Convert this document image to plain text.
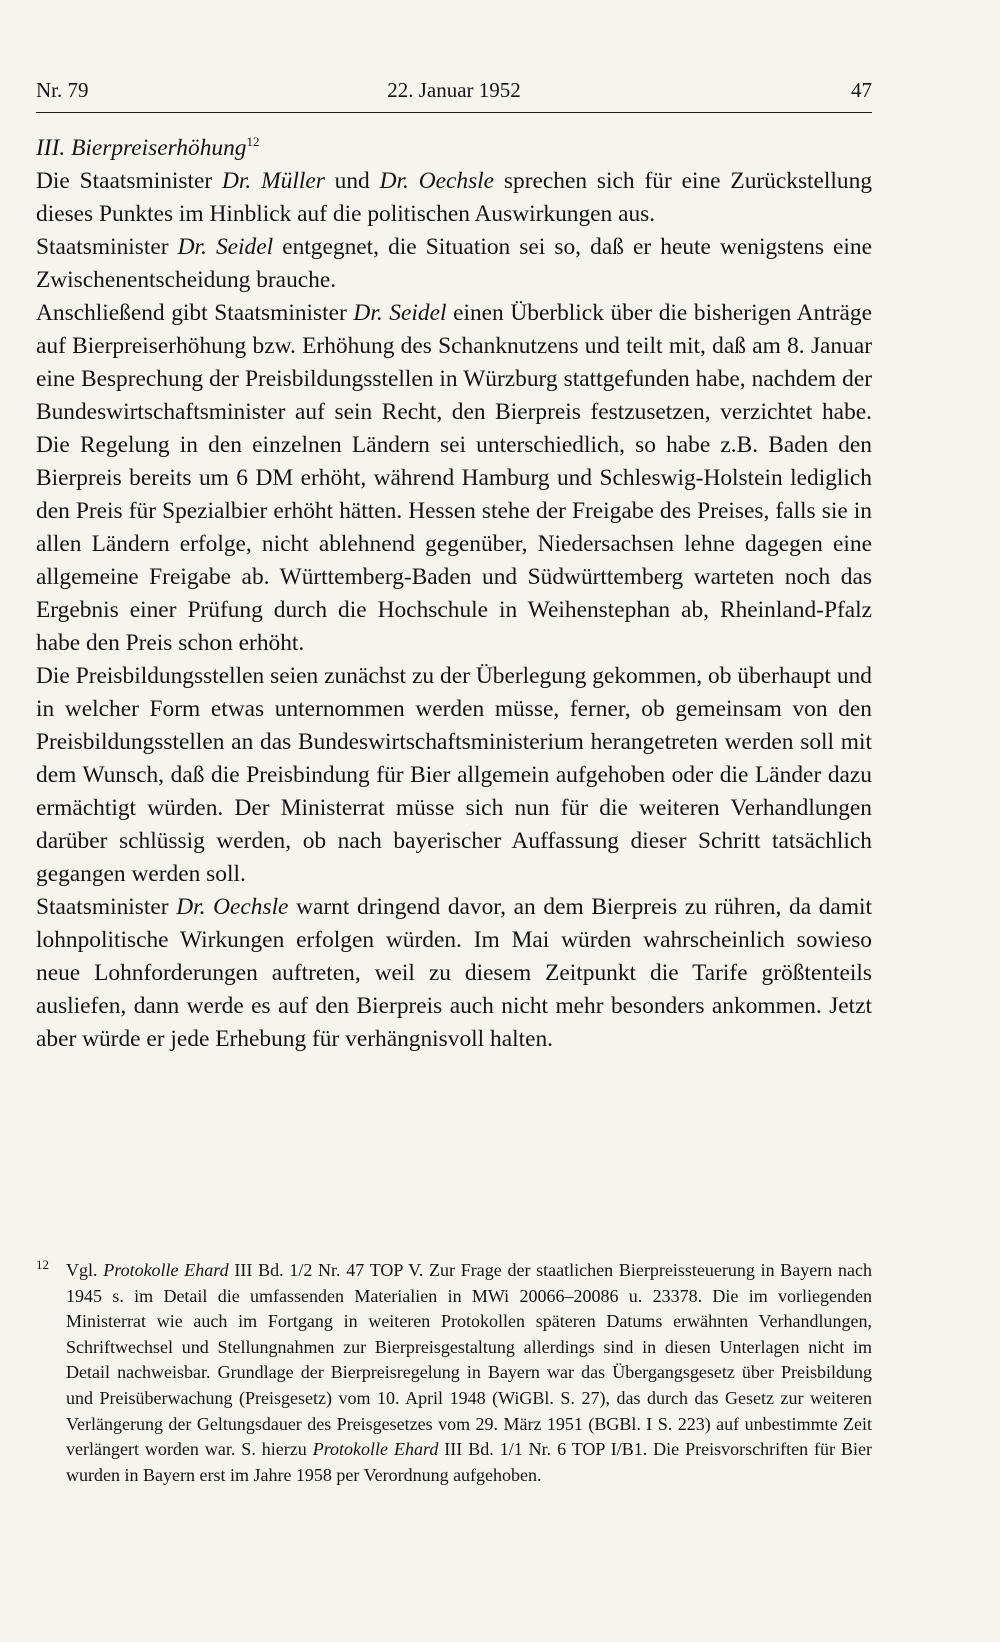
Nr. 79	22. Januar 1952	47

III. Bierpreiserhöhung$^{12}$

Die Staatsminister Dr. Müller und Dr. Oechsle sprechen sich für eine Zurückstellung dieses Punktes im Hinblick auf die politischen Auswirkungen aus.

Staatsminister Dr. Seidel entgegnet, die Situation sei so, daß er heute wenigstens eine Zwischenentscheidung brauche.

Anschließend gibt Staatsminister Dr. Seidel einen Überblick über die bisherigen Anträge auf Bierpreiserhöhung bzw. Erhöhung des Schanknutzens und teilt mit, daß am 8. Januar eine Besprechung der Preisbildungsstellen in Würzburg stattgefunden habe, nachdem der Bundeswirtschaftsminister auf sein Recht, den Bierpreis festzusetzen, verzichtet habe. Die Regelung in den einzelnen Ländern sei unterschiedlich, so habe z.B. Baden den Bierpreis bereits um 6 DM erhöht, während Hamburg und Schleswig-Holstein lediglich den Preis für Spezialbier erhöht hätten. Hessen stehe der Freigabe des Preises, falls sie in allen Ländern erfolge, nicht ablehnend gegenüber, Niedersachsen lehne dagegen eine allgemeine Freigabe ab. Württemberg-Baden und Südwürttemberg warteten noch das Ergebnis einer Prüfung durch die Hochschule in Weihenstephan ab, Rheinland-Pfalz habe den Preis schon erhöht.

Die Preisbildungsstellen seien zunächst zu der Überlegung gekommen, ob überhaupt und in welcher Form etwas unternommen werden müsse, ferner, ob gemeinsam von den Preisbildungsstellen an das Bundeswirtschaftsministerium herangetreten werden soll mit dem Wunsch, daß die Preisbindung für Bier allgemein aufgehoben oder die Länder dazu ermächtigt würden. Der Ministerrat müsse sich nun für die weiteren Verhandlungen darüber schlüssig werden, ob nach bayerischer Auffassung dieser Schritt tatsächlich gegangen werden soll.

Staatsminister Dr. Oechsle warnt dringend davor, an dem Bierpreis zu rühren, da damit lohnpolitische Wirkungen erfolgen würden. Im Mai würden wahrscheinlich sowieso neue Lohnforderungen auftreten, weil zu diesem Zeitpunkt die Tarife größtenteils ausliefen, dann werde es auf den Bierpreis auch nicht mehr besonders ankommen. Jetzt aber würde er jede Erhebung für verhängnisvoll halten.

12 Vgl. Protokolle Ehard III Bd. 1/2 Nr. 47 TOP V. Zur Frage der staatlichen Bierpreissteuerung in Bayern nach 1945 s. im Detail die umfassenden Materialien in MWi 20066–20086 u. 23378. Die im vorliegenden Ministerrat wie auch im Fortgang in weiteren Protokollen späteren Datums erwähnten Verhandlungen, Schriftwechsel und Stellungnahmen zur Bierpreisgestaltung allerdings sind in diesen Unterlagen nicht im Detail nachweisbar. Grundlage der Bierpreisregelung in Bayern war das Übergangsgesetz über Preisbildung und Preisüberwachung (Preisgesetz) vom 10. April 1948 (WiGBl. S. 27), das durch das Gesetz zur weiteren Verlängerung der Geltungsdauer des Preisgesetzes vom 29. März 1951 (BGBl. I S. 223) auf unbestimmte Zeit verlängert worden war. S. hierzu Protokolle Ehard III Bd. 1/1 Nr. 6 TOP I/B1. Die Preisvorschriften für Bier wurden in Bayern erst im Jahre 1958 per Verordnung aufgehoben.
